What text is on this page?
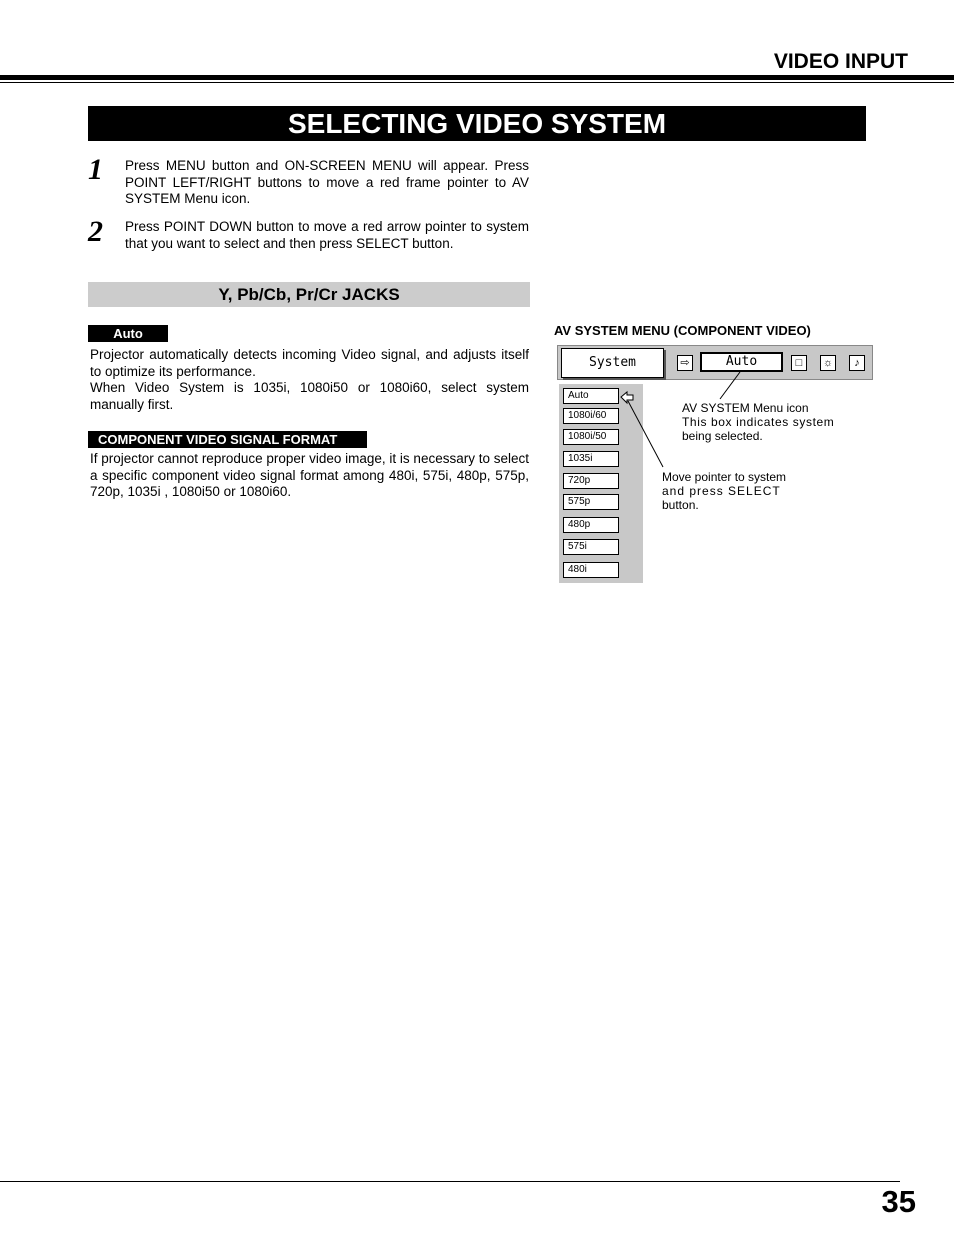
VIDEO INPUT
SELECTING VIDEO SYSTEM
1 Press MENU button and ON-SCREEN MENU will appear. Press POINT LEFT/RIGHT buttons to move a red frame pointer to AV SYSTEM Menu icon.
2 Press POINT DOWN button to move a red arrow pointer to system that you want to select and then press SELECT button.
Y, Pb/Cb, Pr/Cr JACKS
Auto
Projector automatically detects incoming Video signal, and adjusts itself to optimize its performance.
When Video System is 1035i, 1080i50 or 1080i60, select system manually first.
COMPONENT VIDEO SIGNAL FORMAT
If projector cannot reproduce proper video image, it is necessary to select a specific component video signal format among 480i, 575i, 480p, 575p, 720p, 1035i , 1080i50 or 1080i60.
AV SYSTEM MENU (COMPONENT VIDEO)
System	⇨	Auto	□	☼	♪
Auto
1080i/60
1080i/50
1035i
720p
575p
480p
575i
480i
AV SYSTEM Menu icon
This box indicates system
being selected.
Move pointer to system
and press SELECT
button.
35
